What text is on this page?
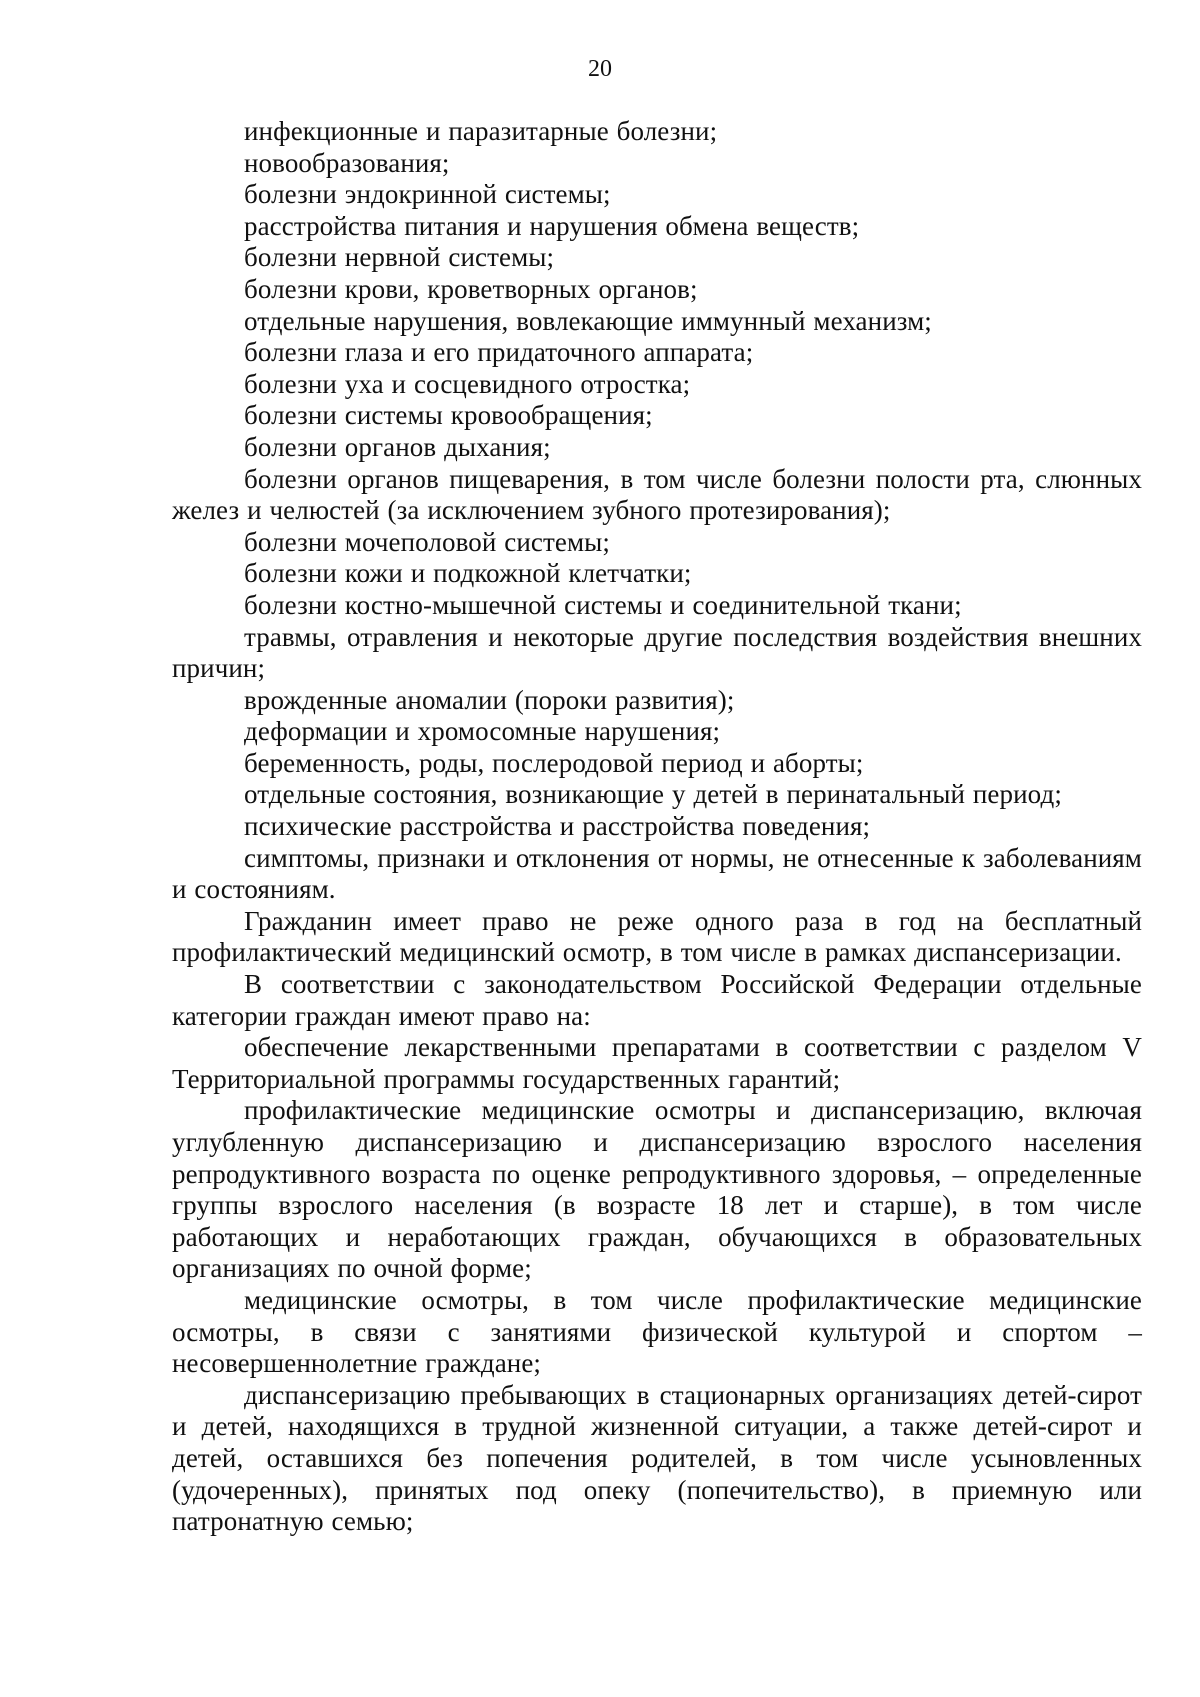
20

инфекционные и паразитарные болезни;

новообразования;

болезни эндокринной системы;

расстройства питания и нарушения обмена веществ;

болезни нервной системы;

болезни крови, кроветворных органов;

отдельные нарушения, вовлекающие иммунный механизм;

болезни глаза и его придаточного аппарата;

болезни уха и сосцевидного отростка;

болезни системы кровообращения;

болезни органов дыхания;

болезни органов пищеварения, в том числе болезни полости рта, слюнных желез и челюстей (за исключением зубного протезирования);

болезни мочеполовой системы;

болезни кожи и подкожной клетчатки;

болезни костно-мышечной системы и соединительной ткани;

травмы, отравления и некоторые другие последствия воздействия внешних причин;

врожденные аномалии (пороки развития);

деформации и хромосомные нарушения;

беременность, роды, послеродовой период и аборты;

отдельные состояния, возникающие у детей в перинатальный период;

психические расстройства и расстройства поведения;

симптомы, признаки и отклонения от нормы, не отнесенные к заболеваниям и состояниям.

Гражданин имеет право не реже одного раза в год на бесплатный профилактический медицинский осмотр, в том числе в рамках диспансеризации.

В соответствии с законодательством Российской Федерации отдельные категории граждан имеют право на:

обеспечение лекарственными препаратами в соответствии с разделом V Территориальной программы государственных гарантий;

профилактические медицинские осмотры и диспансеризацию, включая углубленную диспансеризацию и диспансеризацию взрослого населения репродуктивного возраста по оценке репродуктивного здоровья, – определенные группы взрослого населения (в возрасте 18 лет и старше), в том числе работающих и неработающих граждан, обучающихся в образовательных организациях по очной форме;

медицинские осмотры, в том числе профилактические медицинские осмотры, в связи с занятиями физической культурой и спортом – несовершеннолетние граждане;

диспансеризацию пребывающих в стационарных организациях детей-сирот и детей, находящихся в трудной жизненной ситуации, а также детей-сирот и детей, оставшихся без попечения родителей, в том числе усыновленных (удочеренных), принятых под опеку (попечительство), в приемную или патронатную семью;
